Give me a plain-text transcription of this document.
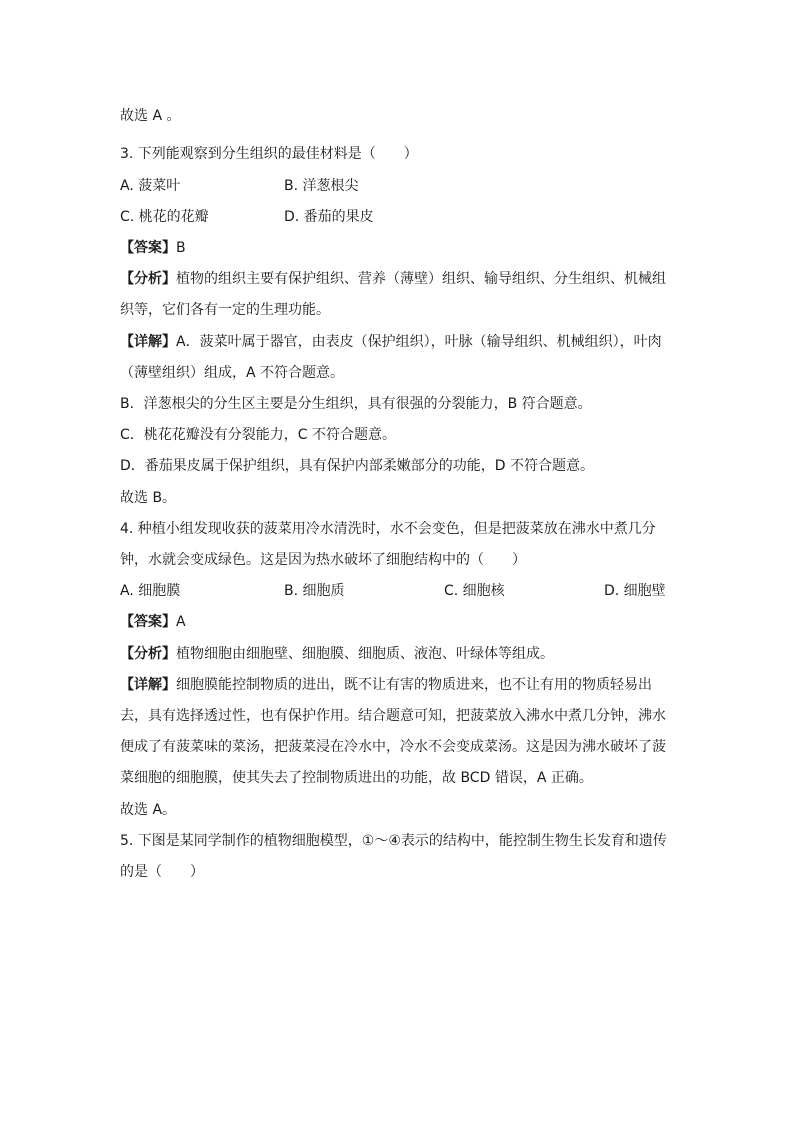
故选 A 。
3. 下列能观察到分生组织的最佳材料是（　　）
A. 菠菜叶	B. 洋葱根尖
C. 桃花的花瓣	D. 番茄的果皮
【答案】B
【分析】植物的组织主要有保护组织、营养（薄壁）组织、输导组织、分生组织、机械组
织等，它们各有一定的生理功能。
【详解】A．菠菜叶属于器官，由表皮（保护组织），叶脉（输导组织、机械组织），叶肉
（薄壁组织）组成，A 不符合题意。
B．洋葱根尖的分生区主要是分生组织，具有很强的分裂能力，B 符合题意。
C．桃花花瓣没有分裂能力，C 不符合题意。
D．番茄果皮属于保护组织，具有保护内部柔嫩部分的功能，D 不符合题意。
故选 B。
4. 种植小组发现收获的菠菜用冷水清洗时，水不会变色，但是把菠菜放在沸水中煮几分
钟，水就会变成绿色。这是因为热水破坏了细胞结构中的（　　）
A. 细胞膜	B. 细胞质	C. 细胞核	D. 细胞壁
【答案】A
【分析】植物细胞由细胞壁、细胞膜、细胞质、液泡、叶绿体等组成。
【详解】细胞膜能控制物质的进出，既不让有害的物质进来，也不让有用的物质轻易出
去，具有选择透过性，也有保护作用。结合题意可知，把菠菜放入沸水中煮几分钟，沸水
便成了有菠菜味的菜汤，把菠菜浸在冷水中，冷水不会变成菜汤。这是因为沸水破坏了菠
菜细胞的细胞膜，使其失去了控制物质进出的功能，故 BCD 错误，A 正确。
故选 A。
5. 下图是某同学制作的植物细胞模型，①～④表示的结构中，能控制生物生长发育和遗传
的是（　　）
